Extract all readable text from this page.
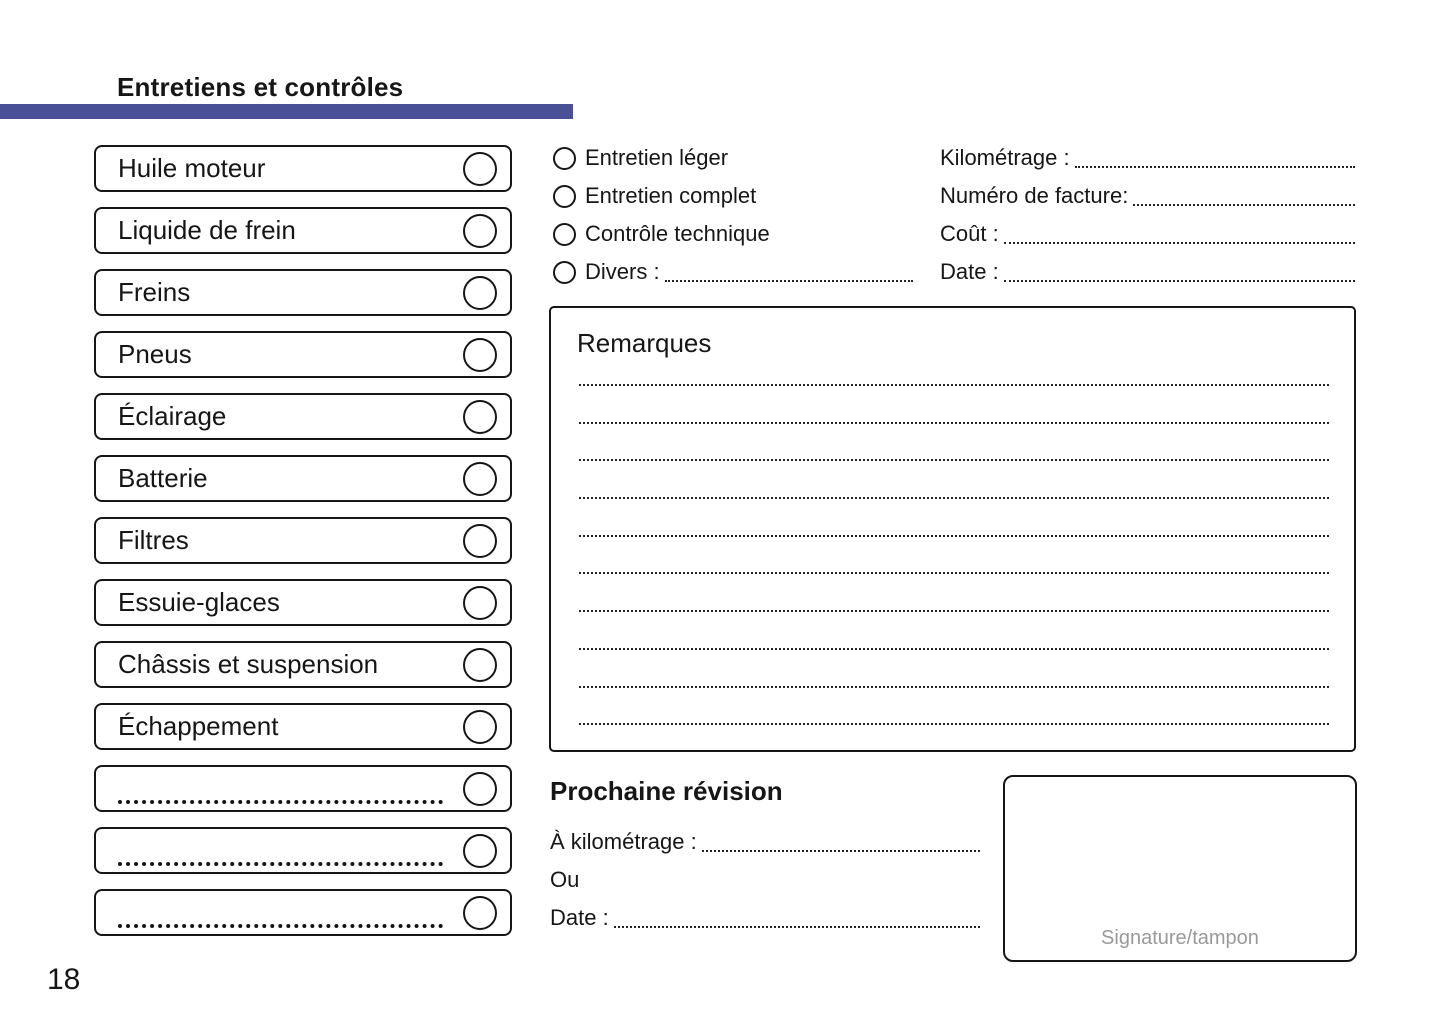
Entretiens et contrôles
Huile moteur
Liquide de frein
Freins
Pneus
Éclairage
Batterie
Filtres
Essuie-glaces
Châssis et suspension
Échappement
Entretien léger
Entretien complet
Contrôle technique
Divers :
Kilométrage :
Numéro de facture:
Coût :
Date :
Remarques
Prochaine révision
À kilométrage :
Ou
Date :
Signature/tampon
18
